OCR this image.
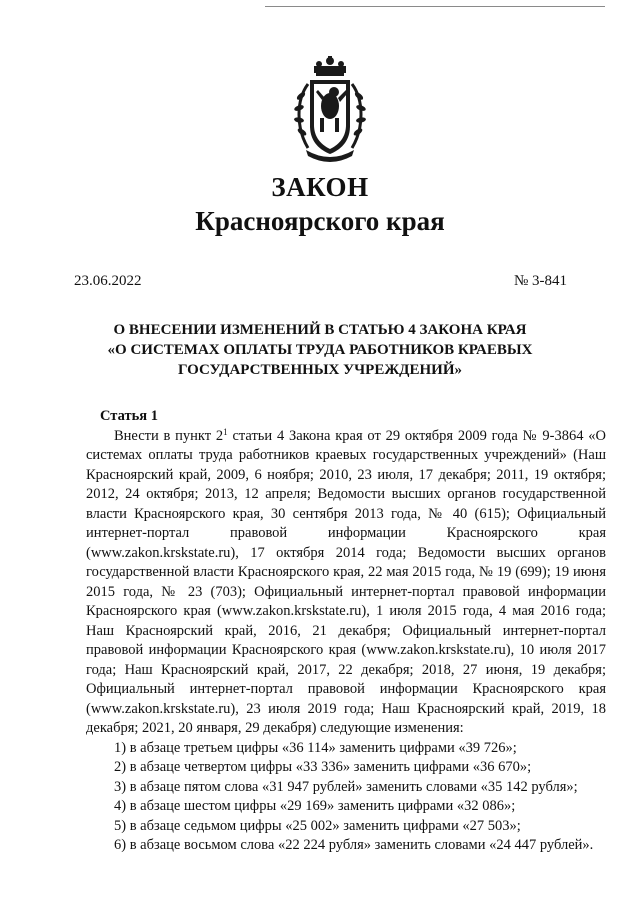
ЗАКОН
Красноярского края
23.06.2022	№ 3-841
О ВНЕСЕНИИ ИЗМЕНЕНИЙ В СТАТЬЮ 4 ЗАКОНА КРАЯ
«О СИСТЕМАХ ОПЛАТЫ ТРУДА РАБОТНИКОВ КРАЕВЫХ
ГОСУДАРСТВЕННЫХ УЧРЕЖДЕНИЙ»
Статья 1

Внести в пункт $2^1$ статьи 4 Закона края от 29 октября 2009 года № 9-3864 «О системах оплаты труда работников краевых государственных учреждений» (Наш Красноярский край, 2009, 6 ноября; 2010, 23 июля, 17 декабря; 2011, 19 октября; 2012, 24 октября; 2013, 12 апреля; Ведомости высших органов государственной власти Красноярского края, 30 сентября 2013 года, № 40 (615); Официальный интернет-портал правовой информации Красноярского края (www.zakon.krskstate.ru), 17 октября 2014 года; Ведомости высших органов государственной власти Красноярского края, 22 мая 2015 года, № 19 (699); 19 июня 2015 года, № 23 (703); Официальный интернет-портал правовой информации Красноярского края (www.zakon.krskstate.ru), 1 июля 2015 года, 4 мая 2016 года; Наш Красноярский край, 2016, 21 декабря; Официальный интернет-портал правовой информации Красноярского края (www.zakon.krskstate.ru), 10 июля 2017 года; Наш Красноярский край, 2017, 22 декабря; 2018, 27 июня, 19 декабря; Официальный интернет-портал правовой информации Красноярского края (www.zakon.krskstate.ru), 23 июля 2019 года; Наш Красноярский край, 2019, 18 декабря; 2021, 20 января, 29 декабря) следующие изменения:

1) в абзаце третьем цифры «36 114» заменить цифрами «39 726»;

2) в абзаце четвертом цифры «33 336» заменить цифрами «36 670»;

3) в абзаце пятом слова «31 947 рублей» заменить словами «35 142 рубля»;

4) в абзаце шестом цифры «29 169» заменить цифрами «32 086»;

5) в абзаце седьмом цифры «25 002» заменить цифрами «27 503»;

6) в абзаце восьмом слова «22 224 рубля» заменить словами «24 447 рублей».
